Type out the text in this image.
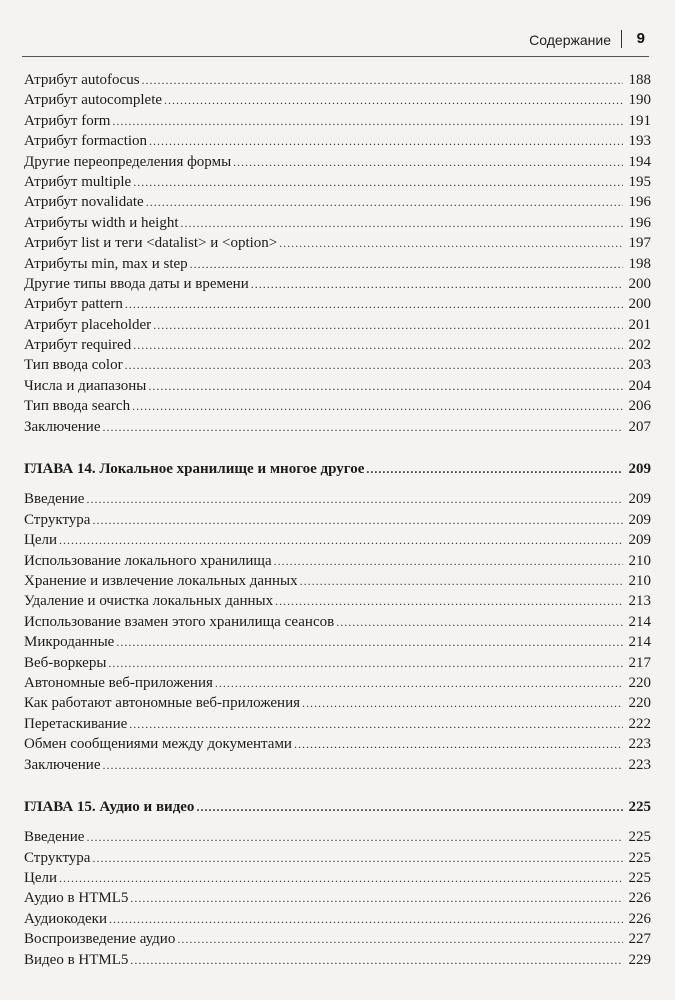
Содержание 9
Атрибут autofocus .....	188
Атрибут autocomplete .....	190
Атрибут form .....	191
Атрибут formaction .....	193
Другие переопределения формы .....	194
Атрибут multiple .....	195
Атрибут novalidate .....	196
Атрибуты width и height .....	196
Атрибут list и теги <datalist> и <option> .....	197
Атрибуты min, max и step .....	198
Другие типы ввода даты и времени .....	200
Атрибут pattern .....	200
Атрибут placeholder .....	201
Атрибут required .....	202
Тип ввода color .....	203
Числа и диапазоны .....	204
Тип ввода search .....	206
Заключение .....	207
ГЛАВА 14. Локальное хранилище и многое другое .....	209
Введение .....	209
Структура .....	209
Цели .....	209
Использование локального хранилища .....	210
Хранение и извлечение локальных данных .....	210
Удаление и очистка локальных данных .....	213
Использование взамен этого хранилища сеансов .....	214
Микроданные .....	214
Веб-воркеры .....	217
Автономные веб-приложения .....	220
Как работают автономные веб-приложения .....	220
Перетаскивание .....	222
Обмен сообщениями между документами .....	223
Заключение .....	223
ГЛАВА 15. Аудио и видео .....	225
Введение .....	225
Структура .....	225
Цели .....	225
Аудио в HTML5 .....	226
Аудиокодеки .....	226
Воспроизведение аудио .....	227
Видео в HTML5 .....	229
